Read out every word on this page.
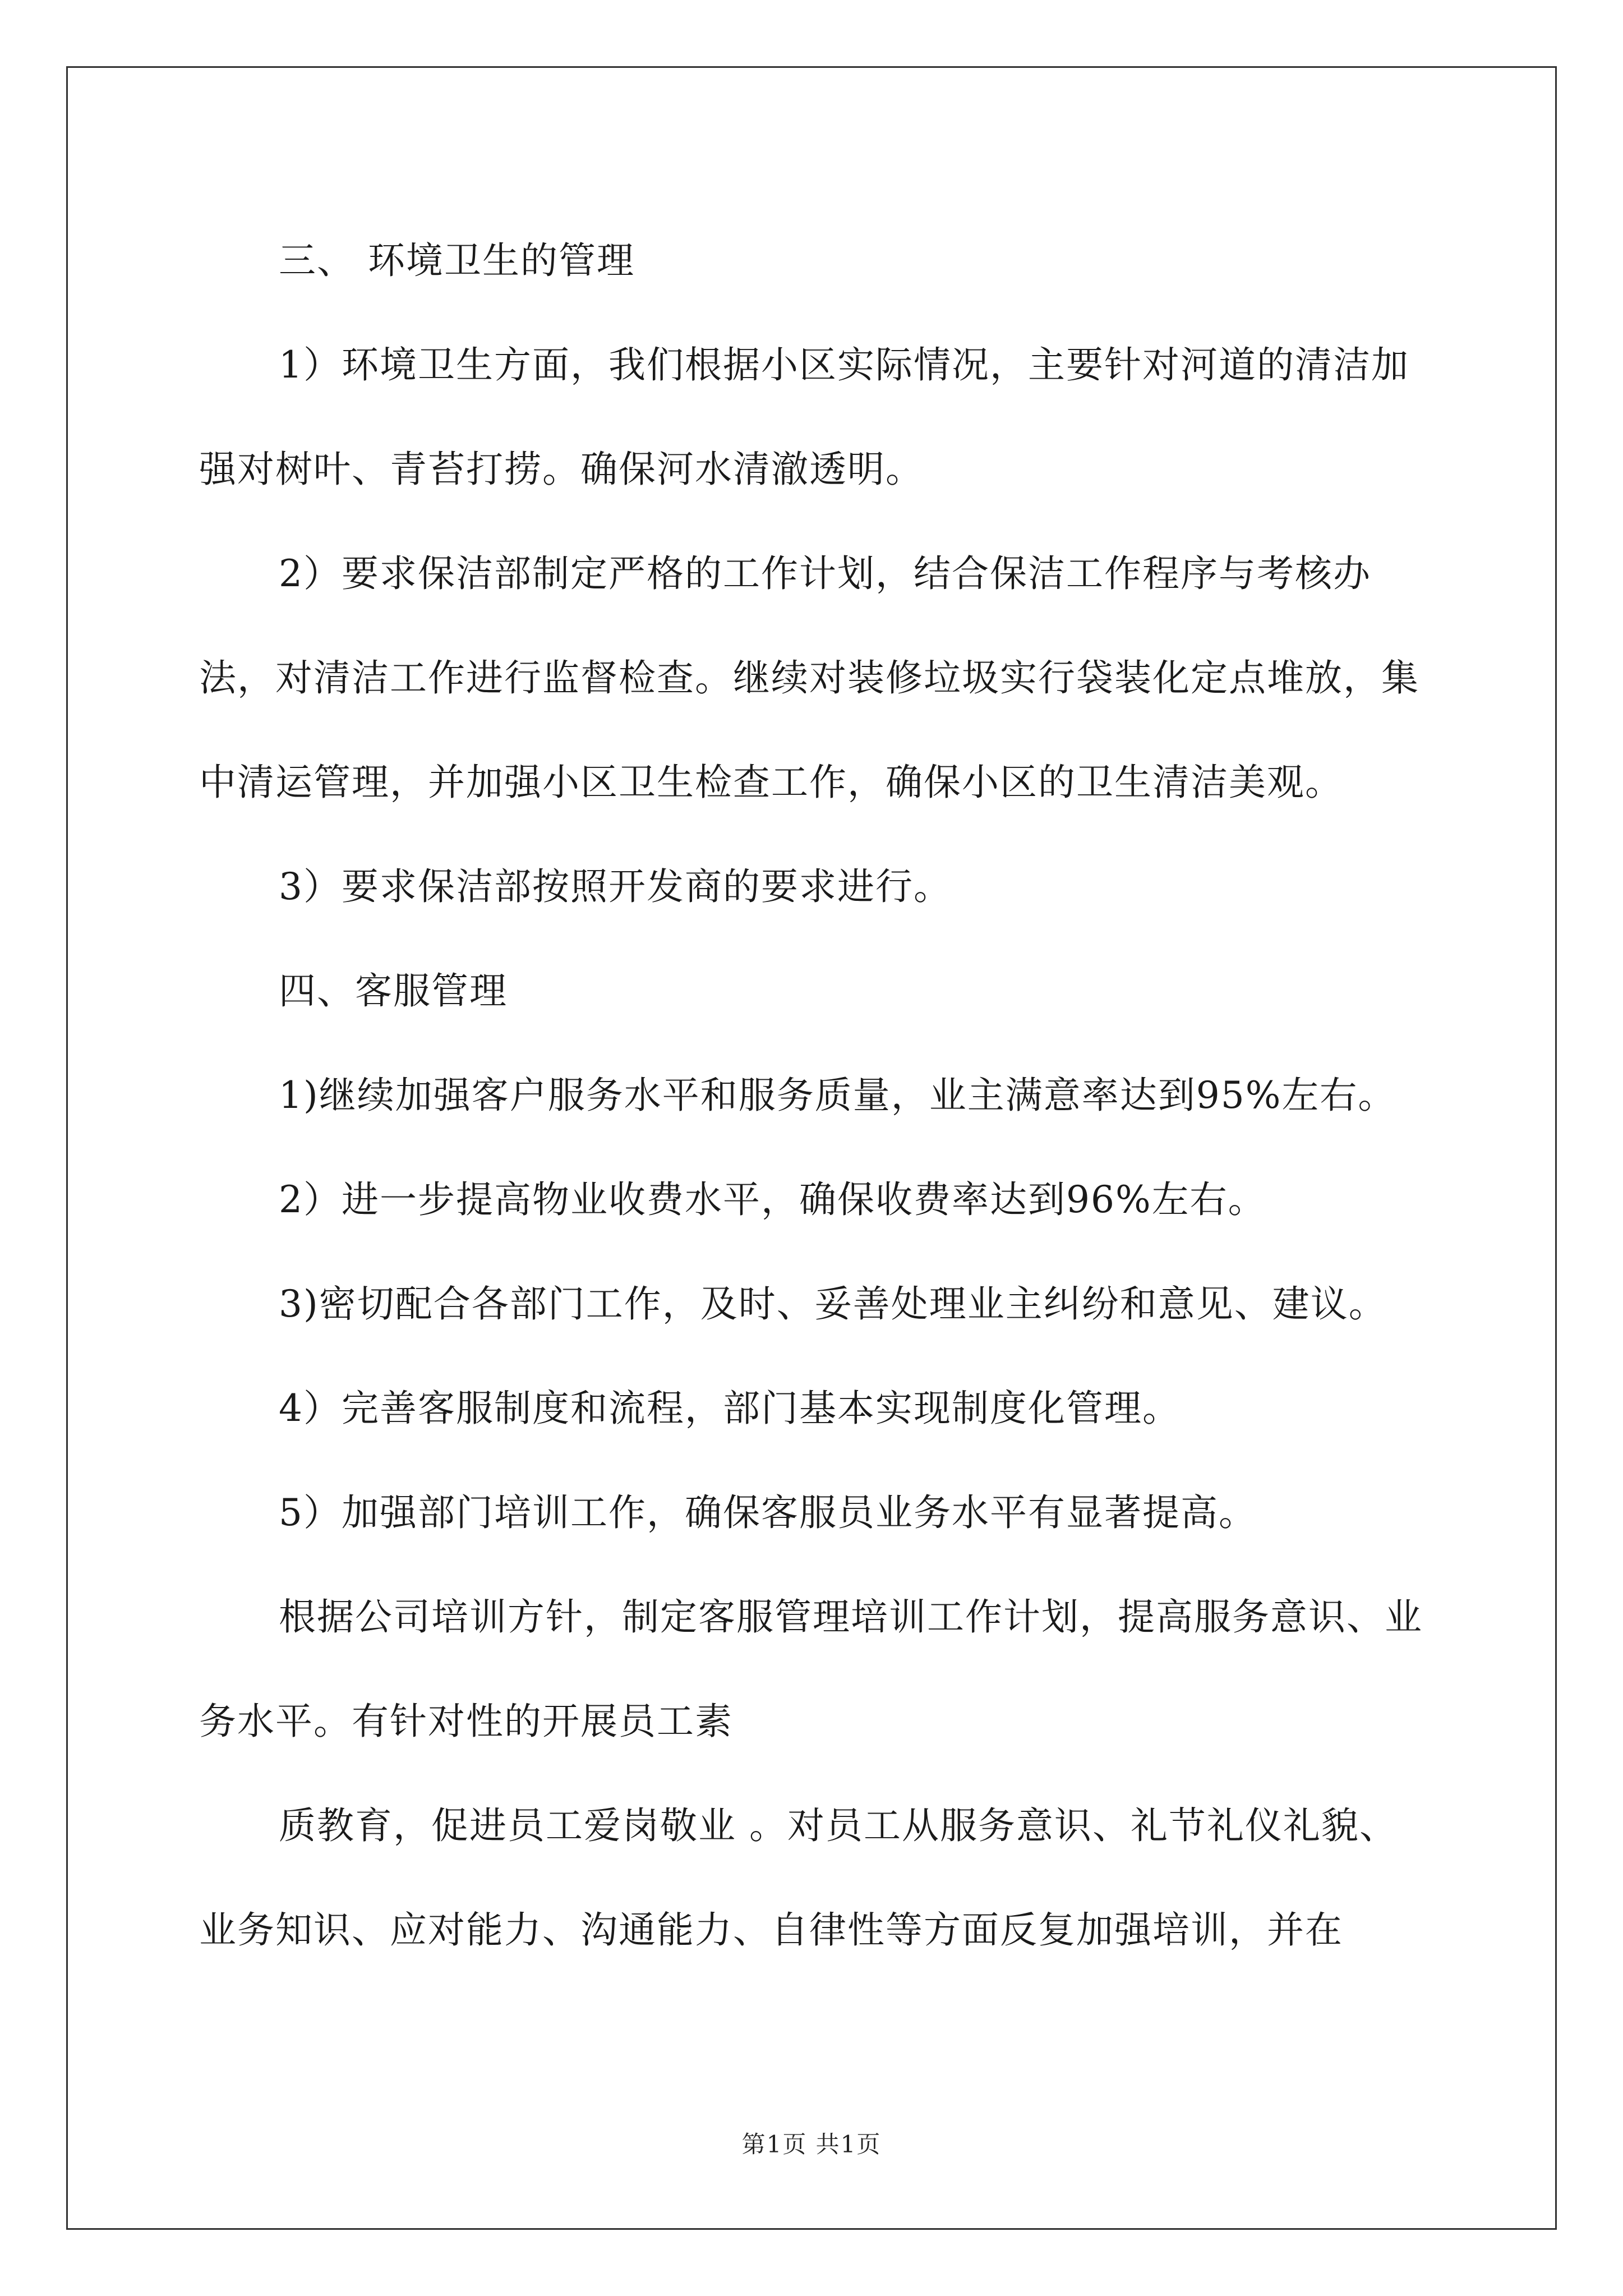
三、 环境卫生的管理

1）环境卫生方面，我们根据小区实际情况，主要针对河道的清洁加强对树叶、青苔打捞。确保河水清澈透明。

2）要求保洁部制定严格的工作计划，结合保洁工作程序与考核办法，对清洁工作进行监督检查。继续对装修垃圾实行袋装化定点堆放，集中清运管理，并加强小区卫生检查工作，确保小区的卫生清洁美观。

3）要求保洁部按照开发商的要求进行。

四、客服管理

1)继续加强客户服务水平和服务质量，业主满意率达到95%左右。

2）进一步提高物业收费水平，确保收费率达到96%左右。

3)密切配合各部门工作，及时、妥善处理业主纠纷和意见、建议。

4）完善客服制度和流程，部门基本实现制度化管理。

5）加强部门培训工作，确保客服员业务水平有显著提高。

根据公司培训方针，制定客服管理培训工作计划，提高服务意识、业务水平。有针对性的开展员工素

质教育，促进员工爱岗敬业 。对员工从服务意识、礼节礼仪礼貌、业务知识、应对能力、沟通能力、自律性等方面反复加强培训，并在

第1页 共1页
